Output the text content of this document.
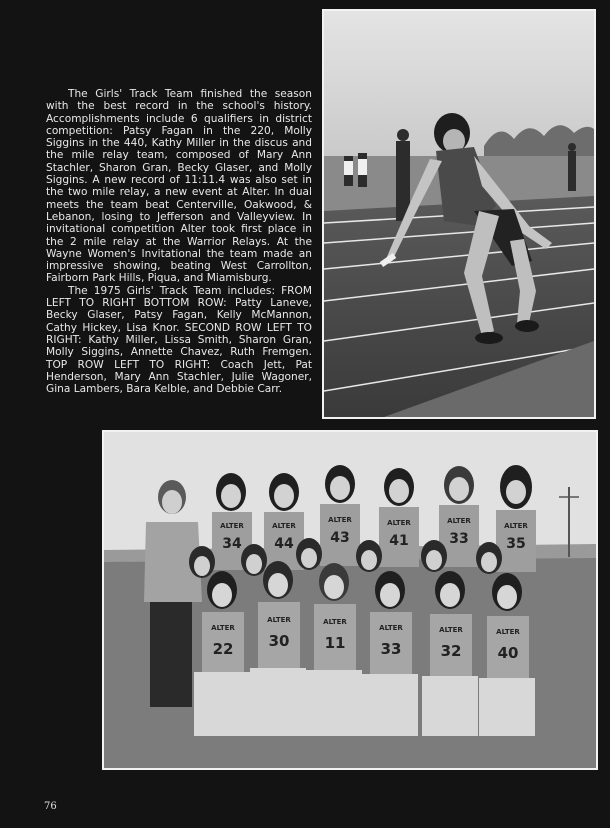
The Girls' Track Team finished the season with the best record in the school's history. Accomplishments include 6 qualifiers in district competition: Patsy Fagan in the 220, Molly Siggins in the 440, Kathy Miller in the discus and the mile relay team, composed of Mary Ann Stachler, Sharon Gran, Becky Glaser, and Molly Siggins. A new record of 11:11.4 was also set in the two mile relay, a new event at Alter. In dual meets the team beat Centerville, Oakwood, & Lebanon, losing to Jefferson and Valleyview. In invitational competition Alter took first place in the 2 mile relay at the Warrior Relays. At the Wayne Women's Invitational the team made an impressive showing, beating West Carrollton, Fairborn Park Hills, Piqua, and Miamisburg.

The 1975 Girls' Track Team includes: FROM LEFT TO RIGHT BOTTOM ROW: Patty Laneve, Becky Glaser, Patsy Fagan, Kelly McMannon, Cathy Hickey, Lisa Knor. SECOND ROW LEFT TO RIGHT: Kathy Miller, Lissa Smith, Sharon Gran, Molly Siggins, Annette Chavez, Ruth Fremgen. TOP ROW LEFT TO RIGHT: Coach Jett, Pat Henderson, Mary Ann Stachler, Julie Wagoner, Gina Lambers, Bara Kelble, and Debbie Carr.

ALTER
34
ALTER
44
ALTER
43
ALTER
41
ALTER
33
ALTER
35
ALTER
22
ALTER
30
ALTER
11
ALTER
33
ALTER
32
ALTER
40
76
